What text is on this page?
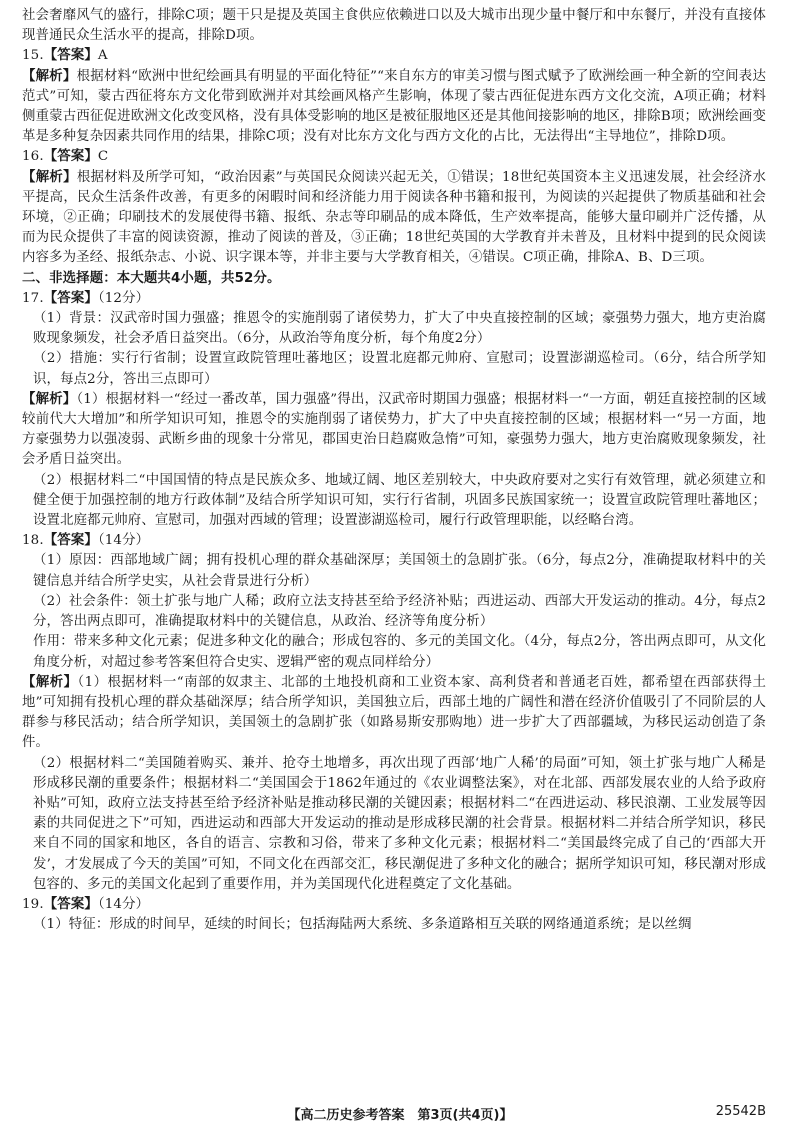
社会奢靡风气的盛行，排除C项；题干只是提及英国主食供应依赖进口以及大城市出现少量中餐厅和中东餐厅，并没有直接体现普通民众生活水平的提高，排除D项。

15.【答案】A

【解析】根据材料“欧洲中世纪绘画具有明显的平面化特征”“来自东方的审美习惯与图式赋予了欧洲绘画一种全新的空间表达范式”可知，蒙古西征将东方文化带到欧洲并对其绘画风格产生影响，体现了蒙古西征促进东西方文化交流，A项正确；材料侧重蒙古西征促进欧洲文化改变风格，没有具体受影响的地区是被征服地区还是其他间接影响的地区，排除B项；欧洲绘画变革是多种复杂因素共同作用的结果，排除C项；没有对比东方文化与西方文化的占比，无法得出“主导地位”，排除D项。

16.【答案】C

【解析】根据材料及所学可知，“政治因素”与英国民众阅读兴起无关，①错误；18世纪英国资本主义迅速发展，社会经济水平提高，民众生活条件改善，有更多的闲暇时间和经济能力用于阅读各种书籍和报刊，为阅读的兴起提供了物质基础和社会环境，②正确；印刷技术的发展使得书籍、报纸、杂志等印刷品的成本降低，生产效率提高，能够大量印刷并广泛传播，从而为民众提供了丰富的阅读资源，推动了阅读的普及，③正确；18世纪英国的大学教育并未普及，且材料中提到的民众阅读内容多为圣经、报纸杂志、小说、识字课本等，并非主要与大学教育相关，④错误。C项正确，排除A、B、D三项。

二、非选择题：本大题共4小题，共52分。

17.【答案】（12分）

（1）背景：汉武帝时国力强盛；推恩令的实施削弱了诸侯势力，扩大了中央直接控制的区域；豪强势力强大，地方吏治腐败现象频发，社会矛盾日益突出。（6分，从政治等角度分析，每个角度2分）

（2）措施：实行行省制；设置宣政院管理吐蕃地区；设置北庭都元帅府、宣慰司；设置澎湖巡检司。（6分，结合所学知识，每点2分，答出三点即可）

【解析】（1）根据材料一“经过一番改革，国力强盛”得出，汉武帝时期国力强盛；根据材料一“一方面，朝廷直接控制的区域较前代大大增加”和所学知识可知，推恩令的实施削弱了诸侯势力，扩大了中央直接控制的区域；根据材料一“另一方面，地方豪强势力以强凌弱、武断乡曲的现象十分常见，郡国吏治日趋腐败急惰”可知，豪强势力强大，地方吏治腐败现象频发，社会矛盾日益突出。

（2）根据材料二“中国国情的特点是民族众多、地域辽阔、地区差别较大，中央政府要对之实行有效管理，就必须建立和健全便于加强控制的地方行政体制”及结合所学知识可知，实行行省制，巩固多民族国家统一；设置宣政院管理吐蕃地区；设置北庭都元帅府、宣慰司，加强对西域的管理；设置澎湖巡检司，履行行政管理职能，以经略台湾。

18.【答案】（14分）

（1）原因：西部地域广阔；拥有投机心理的群众基础深厚；美国领土的急剧扩张。（6分，每点2分，准确提取材料中的关键信息并结合所学史实，从社会背景进行分析）

（2）社会条件：领土扩张与地广人稀；政府立法支持甚至给予经济补贴；西进运动、西部大开发运动的推动。4分，每点2分，答出两点即可，准确提取材料中的关键信息，从政治、经济等角度分析）

作用：带来多种文化元素；促进多种文化的融合；形成包容的、多元的美国文化。（4分，每点2分，答出两点即可，从文化角度分析，对超过参考答案但符合史实、逻辑严密的观点同样给分）

【解析】（1）根据材料一“南部的奴隶主、北部的土地投机商和工业资本家、高利贷者和普通老百姓，都希望在西部获得土地”可知拥有投机心理的群众基础深厚；结合所学知识，美国独立后，西部土地的广阔性和潜在经济价值吸引了不同阶层的人群参与移民活动；结合所学知识，美国领土的急剧扩张（如路易斯安那购地）进一步扩大了西部疆域，为移民运动创造了条件。

（2）根据材料二“美国随着购买、兼并、抢夺土地增多，再次出现了西部‘地广人稀’的局面”可知，领土扩张与地广人稀是形成移民潮的重要条件；根据材料二“美国国会于1862年通过的《农业调整法案》，对在北部、西部发展农业的人给予政府补贴”可知，政府立法支持甚至给予经济补贴是推动移民潮的关键因素；根据材料二“在西进运动、移民浪潮、工业发展等因素的共同促进之下”可知，西进运动和西部大开发运动的推动是形成移民潮的社会背景。根据材料二并结合所学知识，移民来自不同的国家和地区，各自的语言、宗教和习俗，带来了多种文化元素；根据材料二“美国最终完成了自己的‘西部大开发’，才发展成了今天的美国”可知，不同文化在西部交汇，移民潮促进了多种文化的融合；据所学知识可知，移民潮对形成包容的、多元的美国文化起到了重要作用，并为美国现代化进程奠定了文化基础。

19.【答案】（14分）

（1）特征：形成的时间早，延续的时间长；包括海陆两大系统、多条道路相互关联的网络通道系统；是以丝绸

【高二历史参考答案　第3页(共4页)】	25542B
